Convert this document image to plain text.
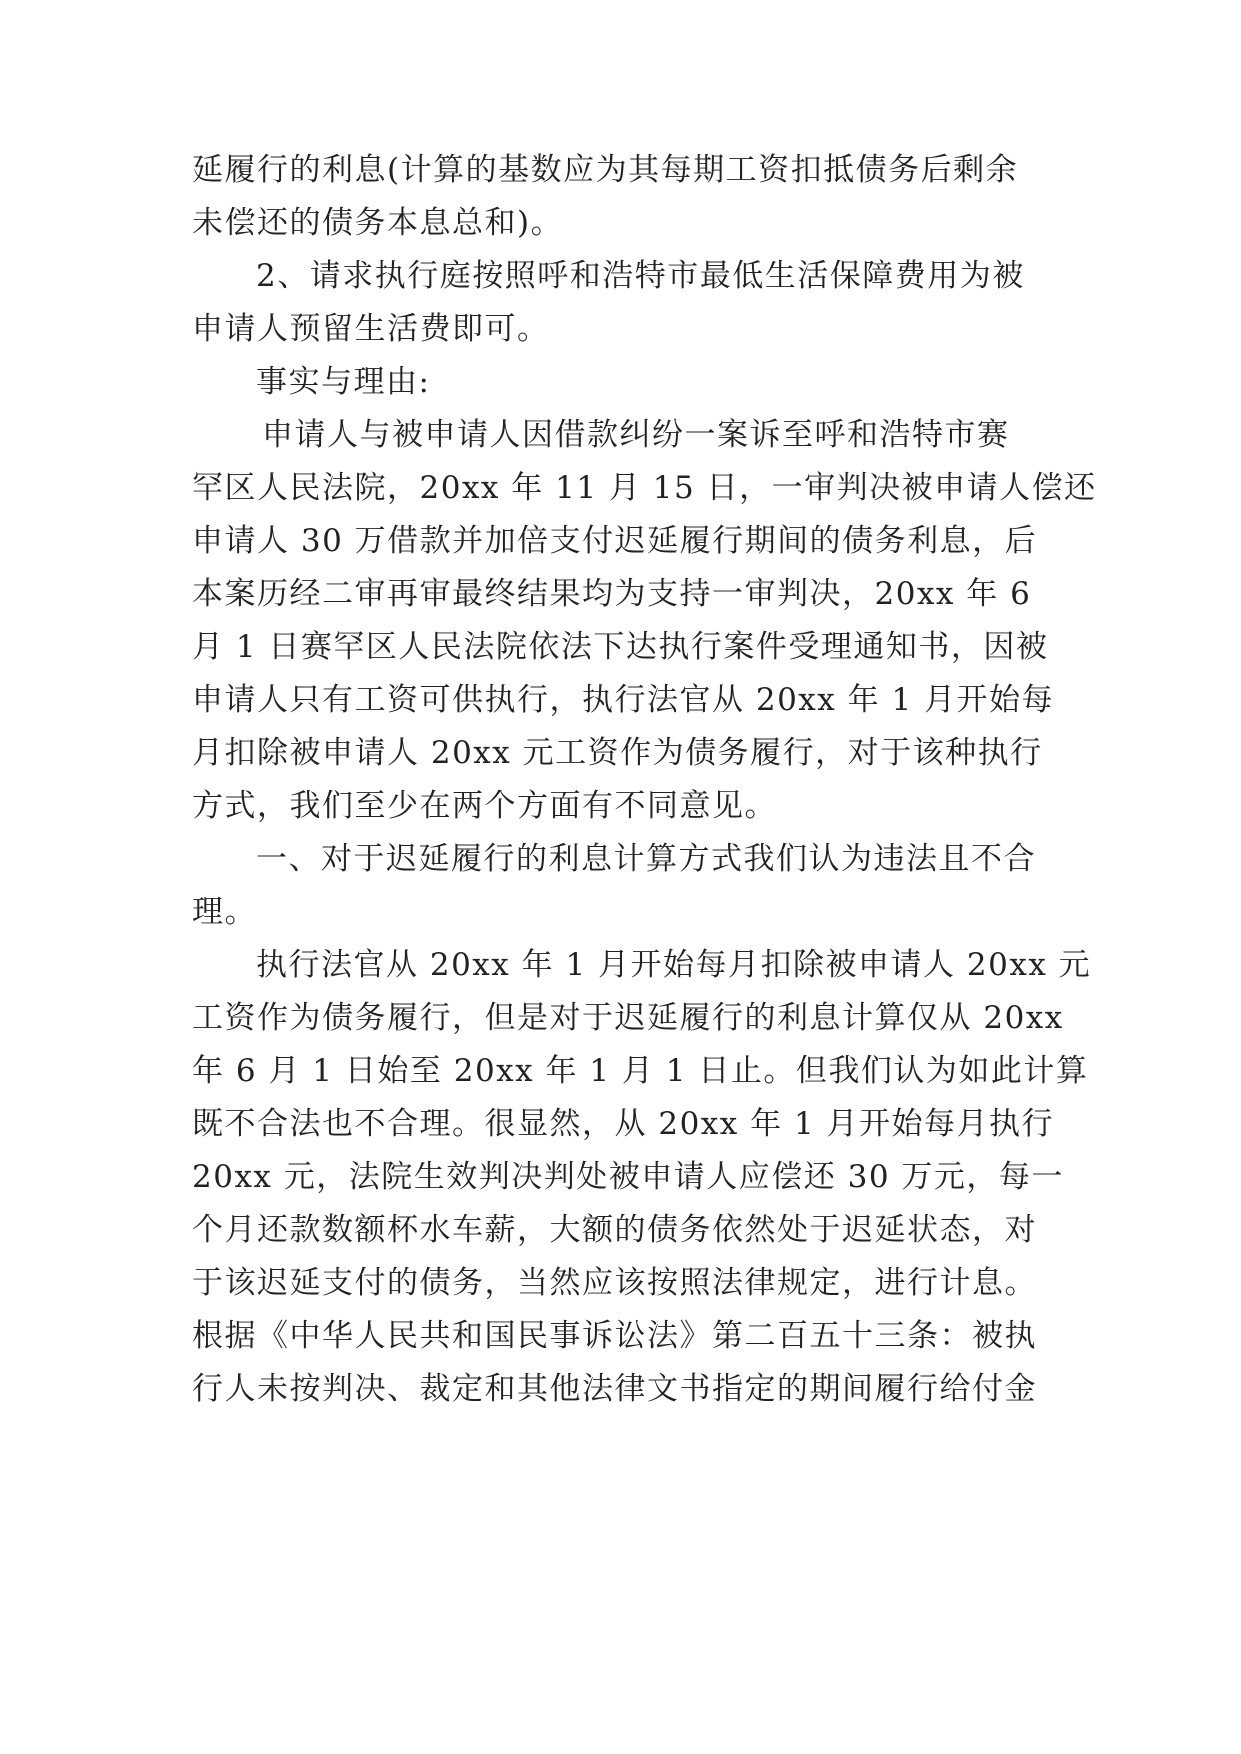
延履行的利息(计算的基数应为其每期工资扣抵债务后剩余
未偿还的债务本息总和)。
2、请求执行庭按照呼和浩特市最低生活保障费用为被
申请人预留生活费即可。
事实与理由:
申请人与被申请人因借款纠纷一案诉至呼和浩特市赛
罕区人民法院，20xx 年 11 月 15 日，一审判决被申请人偿还
申请人 30 万借款并加倍支付迟延履行期间的债务利息，后
本案历经二审再审最终结果均为支持一审判决，20xx 年 6
月 1 日赛罕区人民法院依法下达执行案件受理通知书，因被
申请人只有工资可供执行，执行法官从 20xx 年 1 月开始每
月扣除被申请人 20xx 元工资作为债务履行，对于该种执行
方式，我们至少在两个方面有不同意见。
一、对于迟延履行的利息计算方式我们认为违法且不合
理。
执行法官从 20xx 年 1 月开始每月扣除被申请人 20xx 元
工资作为债务履行，但是对于迟延履行的利息计算仅从 20xx
年 6 月 1 日始至 20xx 年 1 月 1 日止。但我们认为如此计算
既不合法也不合理。很显然，从 20xx 年 1 月开始每月执行
20xx 元，法院生效判决判处被申请人应偿还 30 万元，每一
个月还款数额杯水车薪，大额的债务依然处于迟延状态，对
于该迟延支付的债务，当然应该按照法律规定，进行计息。
根据《中华人民共和国民事诉讼法》第二百五十三条：被执
行人未按判决、裁定和其他法律文书指定的期间履行给付金
